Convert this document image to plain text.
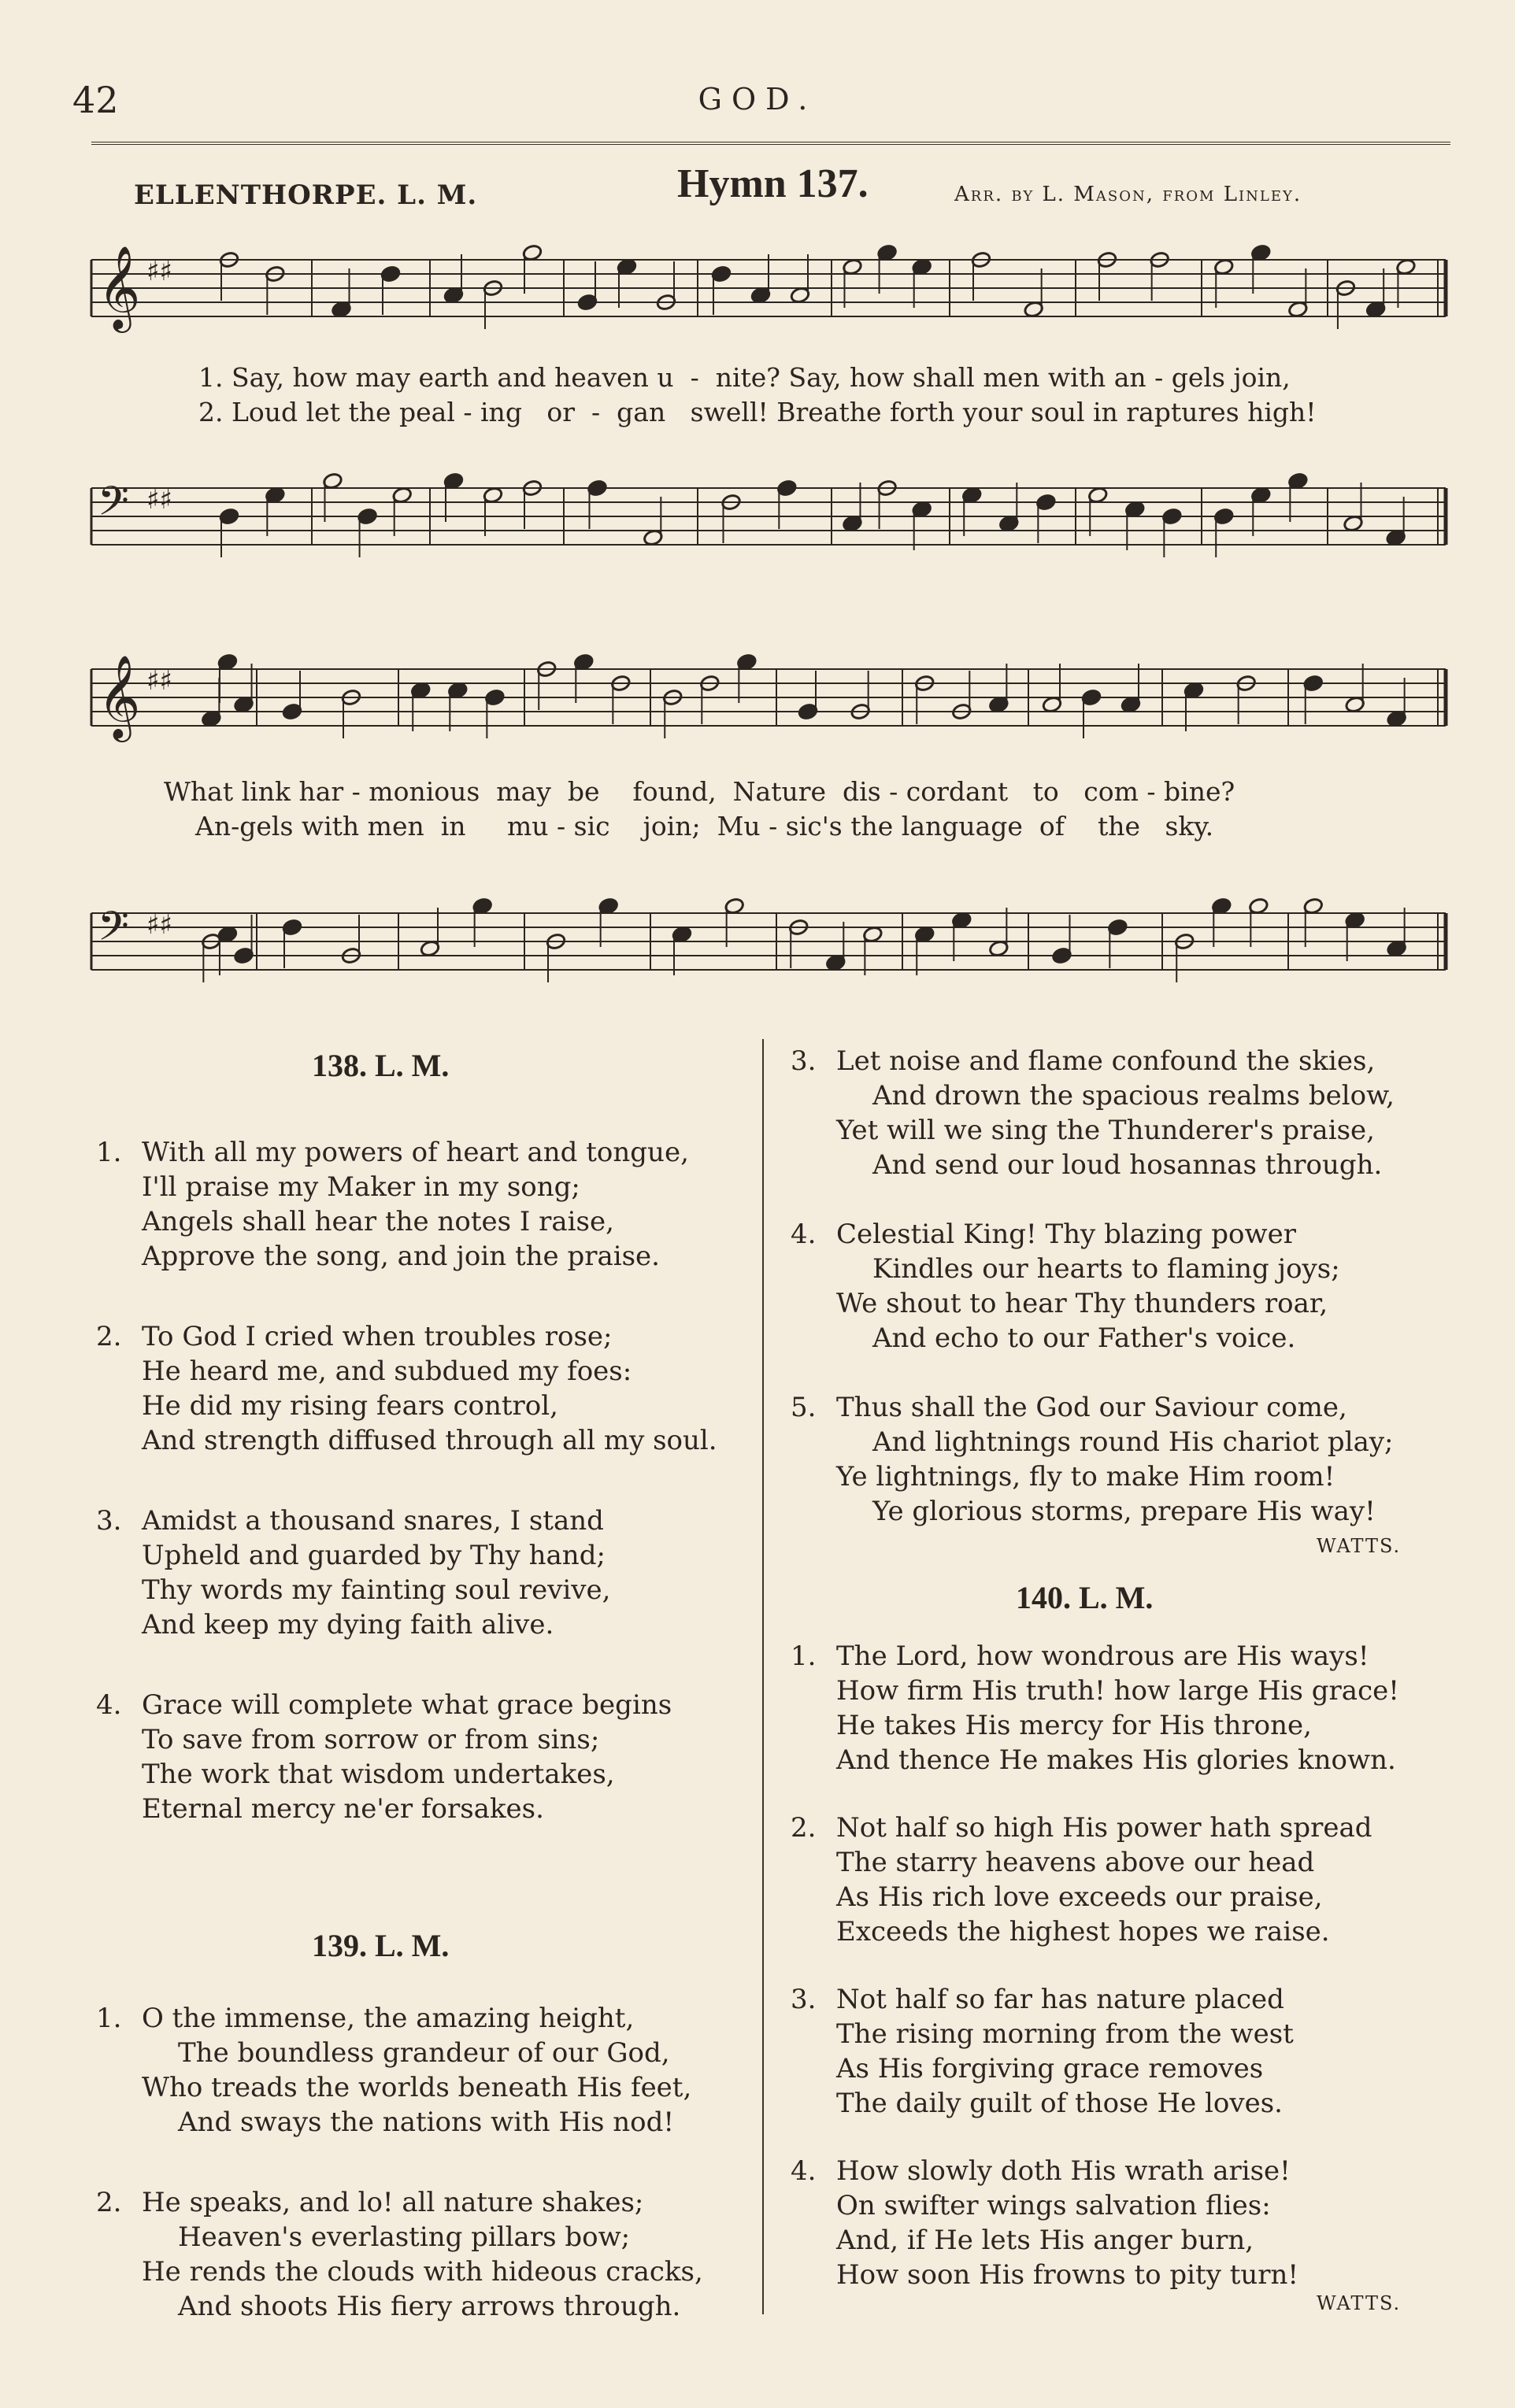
42	GOD.
ELLENTHORPE. L. M.	Hymn 137.	Arr. by L. Mason, from Linley.
𝄞 ♯♯
𝄢 ♯♯
𝄞 ♯♯
𝄢 ♯♯
1. Say, how may earth and heaven u  -  nite? Say, how shall men with an - gels join,
2. Loud let the peal - ing   or  -  gan   swell! Breathe forth your soul in raptures high!
What link har - monious  may  be    found,  Nature  dis - cordant   to   com - bine?
An-gels with men  in     mu - sic    join;  Mu - sic's the language  of    the   sky.
138. L. M.
1. With all my powers of heart and tongue,
I'll praise my Maker in my song;
Angels shall hear the notes I raise,
Approve the song, and join the praise.
2. To God I cried when troubles rose;
He heard me, and subdued my foes:
He did my rising fears control,
And strength diffused through all my soul.
3. Amidst a thousand snares, I stand
Upheld and guarded by Thy hand;
Thy words my fainting soul revive,
And keep my dying faith alive.
4. Grace will complete what grace begins
To save from sorrow or from sins;
The work that wisdom undertakes,
Eternal mercy ne'er forsakes.
139. L. M.
1. O the immense, the amazing height,
The boundless grandeur of our God,
Who treads the worlds beneath His feet,
And sways the nations with His nod!
2. He speaks, and lo! all nature shakes;
Heaven's everlasting pillars bow;
He rends the clouds with hideous cracks,
And shoots His fiery arrows through.
3. Let noise and flame confound the skies,
And drown the spacious realms below,
Yet will we sing the Thunderer's praise,
And send our loud hosannas through.
4. Celestial King! Thy blazing power
Kindles our hearts to flaming joys;
We shout to hear Thy thunders roar,
And echo to our Father's voice.
5. Thus shall the God our Saviour come,
And lightnings round His chariot play;
Ye lightnings, fly to make Him room!
Ye glorious storms, prepare His way!
WATTS.
140. L. M.
1. The Lord, how wondrous are His ways!
How firm His truth! how large His grace!
He takes His mercy for His throne,
And thence He makes His glories known.
2. Not half so high His power hath spread
The starry heavens above our head
As His rich love exceeds our praise,
Exceeds the highest hopes we raise.
3. Not half so far has nature placed
The rising morning from the west
As His forgiving grace removes
The daily guilt of those He loves.
4. How slowly doth His wrath arise!
On swifter wings salvation flies:
And, if He lets His anger burn,
How soon His frowns to pity turn!
WATTS.
